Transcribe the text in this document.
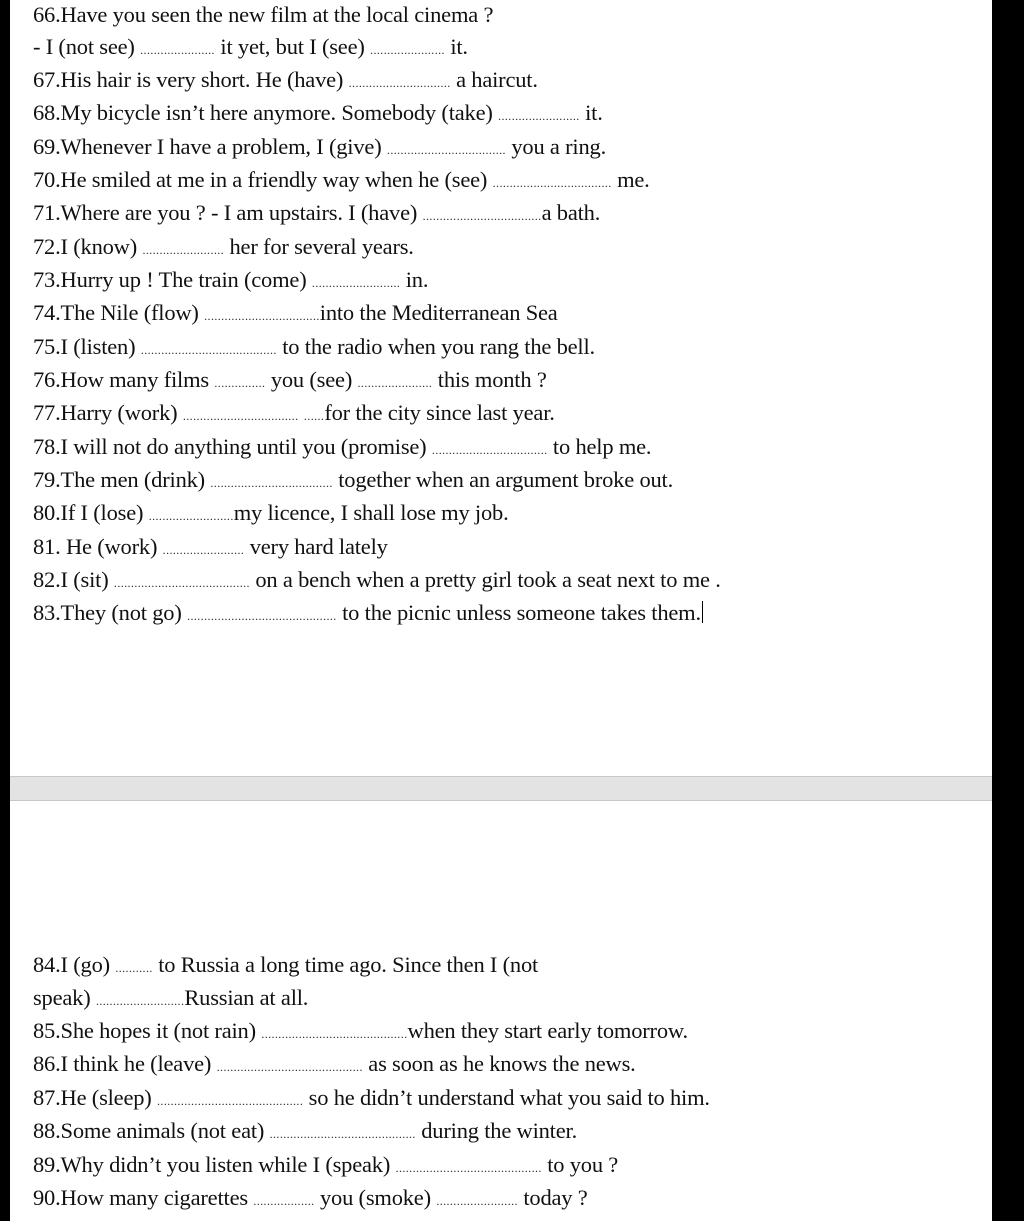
66.Have you seen the new film at the local cinema ?
- I (not see) ...................... it yet, but I (see) ...................... it.
67.His hair is very short. He (have) .............................. a haircut.
68.My bicycle isn’t here anymore. Somebody (take) ........................ it.
69.Whenever I have a problem, I (give) ................................... you a ring.
70.He smiled at me in a friendly way when he (see) ................................... me.
71.Where are you ? - I am upstairs. I (have) ...................................a bath.
72.I (know) ........................ her for several years.
73.Hurry up ! The train (come) .......................... in.
74.The Nile (flow) ..................................into the Mediterranean Sea
75.I (listen) ........................................ to the radio when you rang the bell.
76.How many films ............... you (see) ...................... this month ?
77.Harry (work) .................................. ......for the city since last year.
78.I will not do anything until you (promise) .................................. to help me.
79.The men (drink) .................................... together when an argument broke out.
80.If I (lose) .........................my licence, I shall lose my job.
81. He (work) ........................ very hard lately
82.I (sit) ........................................ on a bench when a pretty girl took a seat next to me .
83.They (not go) ............................................ to the picnic unless someone takes them.
84.I (go) ........... to Russia a long time ago. Since then I (not
speak) ..........................Russian at all.
85.She hopes it (not rain) ...........................................when they start early tomorrow.
86.I think he (leave) ........................................... as soon as he knows the news.
87.He (sleep) ........................................... so he didn’t understand what you said to him.
88.Some animals (not eat) ........................................... during the winter.
89.Why didn’t you listen while I (speak) ........................................... to you ?
90.How many cigarettes .................. you (smoke) ........................ today ?
